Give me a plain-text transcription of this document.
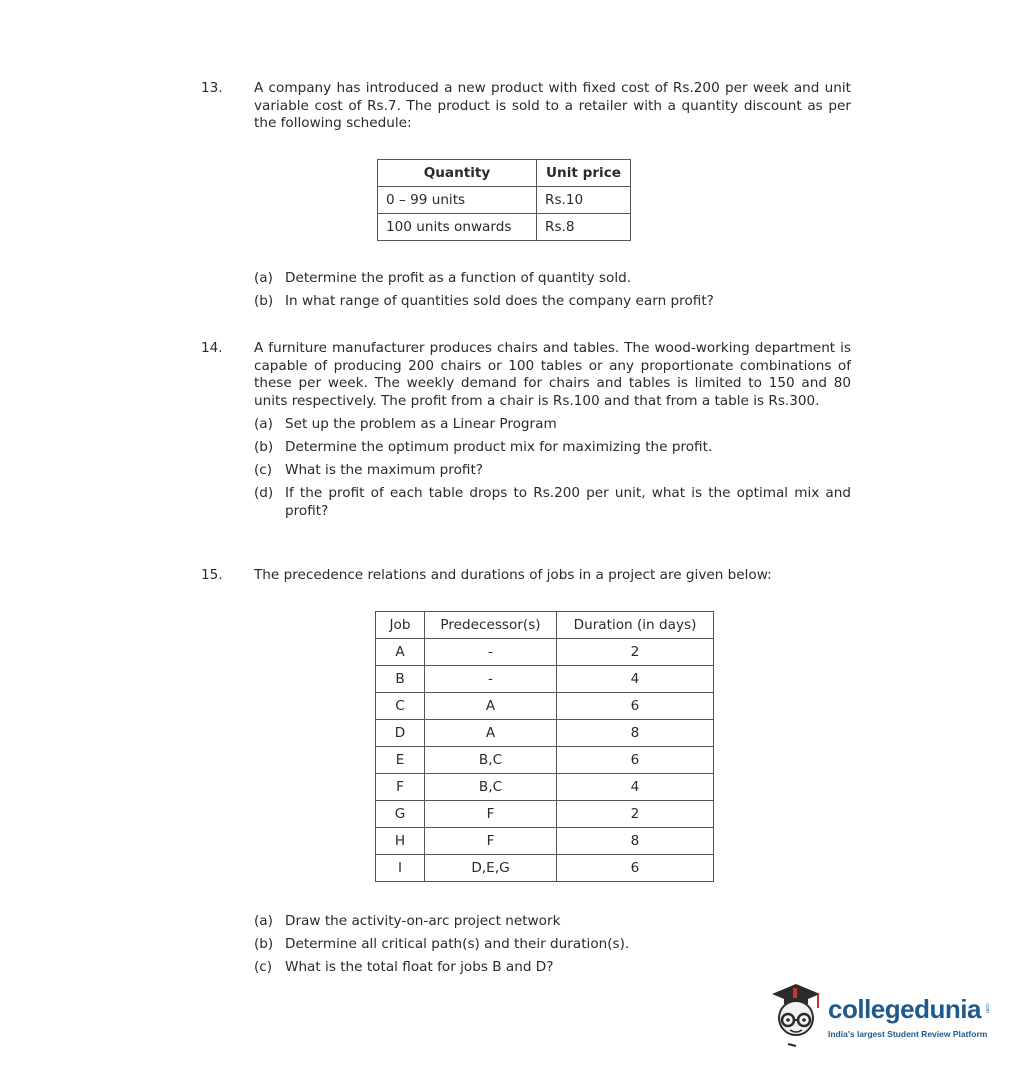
13.	A company has introduced a new product with fixed cost of Rs.200 per week and unit variable cost of Rs.7. The product is sold to a retailer with a quantity discount as per the following schedule:

Quantity	Unit price
0 – 99 units	Rs.10
100 units onwards	Rs.8
(a) Determine the profit as a function of quantity sold.
(b) In what range of quantities sold does the company earn profit?
14.	A furniture manufacturer produces chairs and tables. The wood-working department is capable of producing 200 chairs or 100 tables or any proportionate combinations of these per week. The weekly demand for chairs and tables is limited to 150 and 80 units respectively. The profit from a chair is Rs.100 and that from a table is Rs.300.

(a) Set up the problem as a Linear Program
(b) Determine the optimum product mix for maximizing the profit.
(c) What is the maximum profit?
(d) If the profit of each table drops to Rs.200 per unit, what is the optimal mix and profit?
15.	The precedence relations and durations of jobs in a project are given below:

Job	Predecessor(s)	Duration (in days)
A	-	2
B	-	4
C	A	6
D	A	8
E	B,C	6
F	B,C	4
G	F	2
H	F	8
I	D,E,G	6
(a) Draw the activity-on-arc project network
(b) Determine all critical path(s) and their duration(s).
(c) What is the total float for jobs B and D?
collegedunia .com
India's largest Student Review Platform
